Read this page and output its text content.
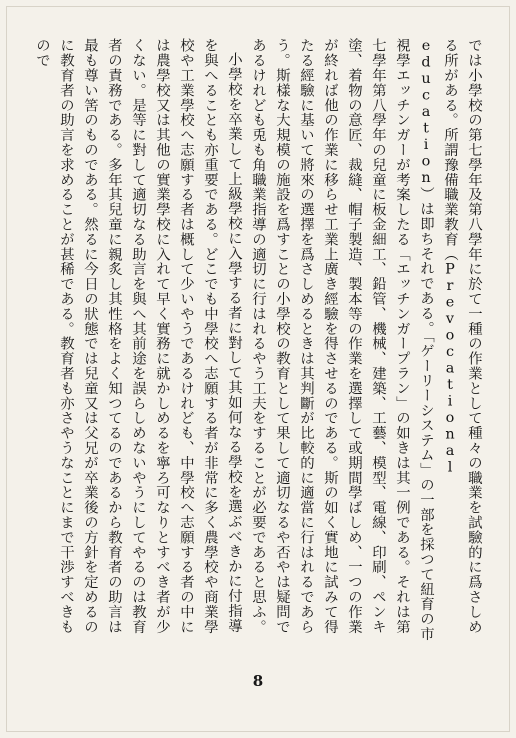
では小學校の第七學年及第八學年に於て一種の作業として種々の職業を試驗的に爲さしめる所がある。所謂豫備職業教育（Prevocational education）は即ちそれである。「ゲーリーシステム」の一部を採つて紐育の市視學エッチンガーが考案したる「エッチンガープラン」の如きは其一例である。それは第七學年第八學年の兒童に板金細工、鉛管、機械、建築、工藝、模型、電線、印刷、ペンキ塗、着物の意匠、裁縫、帽子製造、製本等の作業を選擇して或期間學ばしめ、一つの作業が終れば他の作業に移らせ工業上廣き經驗を得させるのである。斯の如く實地に試みて得たる經驗に基いて將來の選擇を爲さしめるときは其判斷が比較的に適當に行はれるであらう。斯樣な大規模の施設を爲すことの小學校の教育として果して適切なるや否やは疑問であるけれども兎も角職業指導の適切に行はれるやう工夫をすることが必要であると思ふ。

小學校を卒業して上級學校に入學する者に對して其如何なる學校を選ぶべきかに付指導を與へることも亦重要である。どこでも中學校へ志願する者が非常に多く農學校や商業學校や工業學校へ志願する者は概して少いやうであるけれども、中學校へ志願する者の中には農學校又は其他の實業學校に入れて早く實務に就かしめるを寧ろ可なりとすべき者が少くない。是等に對して適切なる助言を與へ其前途を誤らしめないやうにしてやるのは教育者の責務である。多年其兒童に親炙し其性格をよく知つてるのであるから教育者の助言は最も尊い筈のものである。然るに今日の狀態では兒童又は父兄が卒業後の方針を定めるのに教育者の助言を求めることが甚稀である。教育者も亦さやうなことにまで干渉すべきもので

8
